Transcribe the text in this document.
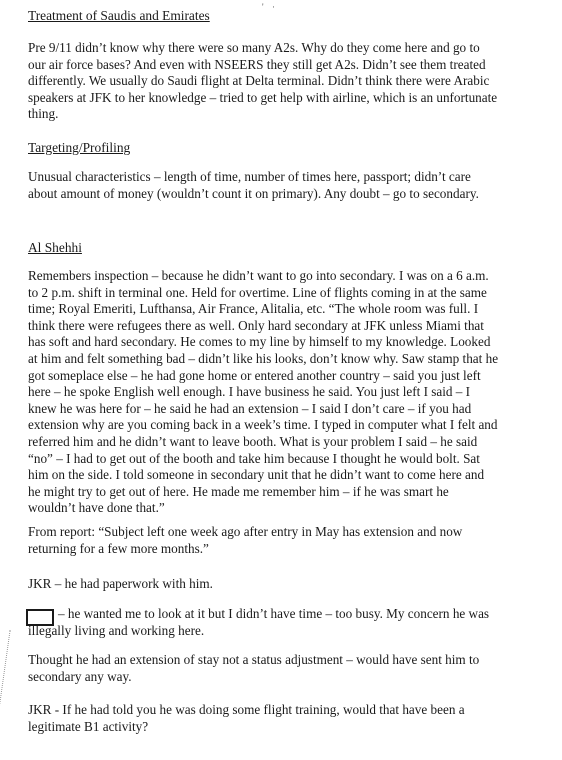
' ·
Treatment of Saudis and Emirates
Pre 9/11 didn’t know why there were so many A2s. Why do they come here and go to
our air force bases? And even with NSEERS they still get A2s. Didn’t see them treated
differently. We usually do Saudi flight at Delta terminal. Didn’t think there were Arabic
speakers at JFK to her knowledge – tried to get help with airline, which is an unfortunate
thing.
Targeting/Profiling
Unusual characteristics – length of time, number of times here, passport; didn’t care
about amount of money (wouldn’t count it on primary). Any doubt – go to secondary.
Al Shehhi
Remembers inspection – because he didn’t want to go into secondary. I was on a 6 a.m.
to 2 p.m. shift in terminal one. Held for overtime. Line of flights coming in at the same
time; Royal Emeriti, Lufthansa, Air France, Alitalia, etc. “The whole room was full. I
think there were refugees there as well. Only hard secondary at JFK unless Miami that
has soft and hard secondary. He comes to my line by himself to my knowledge. Looked
at him and felt something bad – didn’t like his looks, don’t know why. Saw stamp that he
got someplace else – he had gone home or entered another country – said you just left
here – he spoke English well enough. I have business he said. You just left I said – I
knew he was here for – he said he had an extension – I said I don’t care – if you had
extension why are you coming back in a week’s time. I typed in computer what I felt and
referred him and he didn’t want to leave booth. What is your problem I said – he said
“no” – I had to get out of the booth and take him because I thought he would bolt. Sat
him on the side. I told someone in secondary unit that he didn’t want to come here and
he might try to get out of here. He made me remember him – if he was smart he
wouldn’t have done that.”
From report: “Subject left one week ago after entry in May has extension and now
returning for a few more months.”
JKR – he had paperwork with him.
– he wanted me to look at it but I didn’t have time – too busy. My concern he was
illegally living and working here.
Thought he had an extension of stay not a status adjustment – would have sent him to
secondary any way.
JKR - If he had told you he was doing some flight training, would that have been a
legitimate B1 activity?
